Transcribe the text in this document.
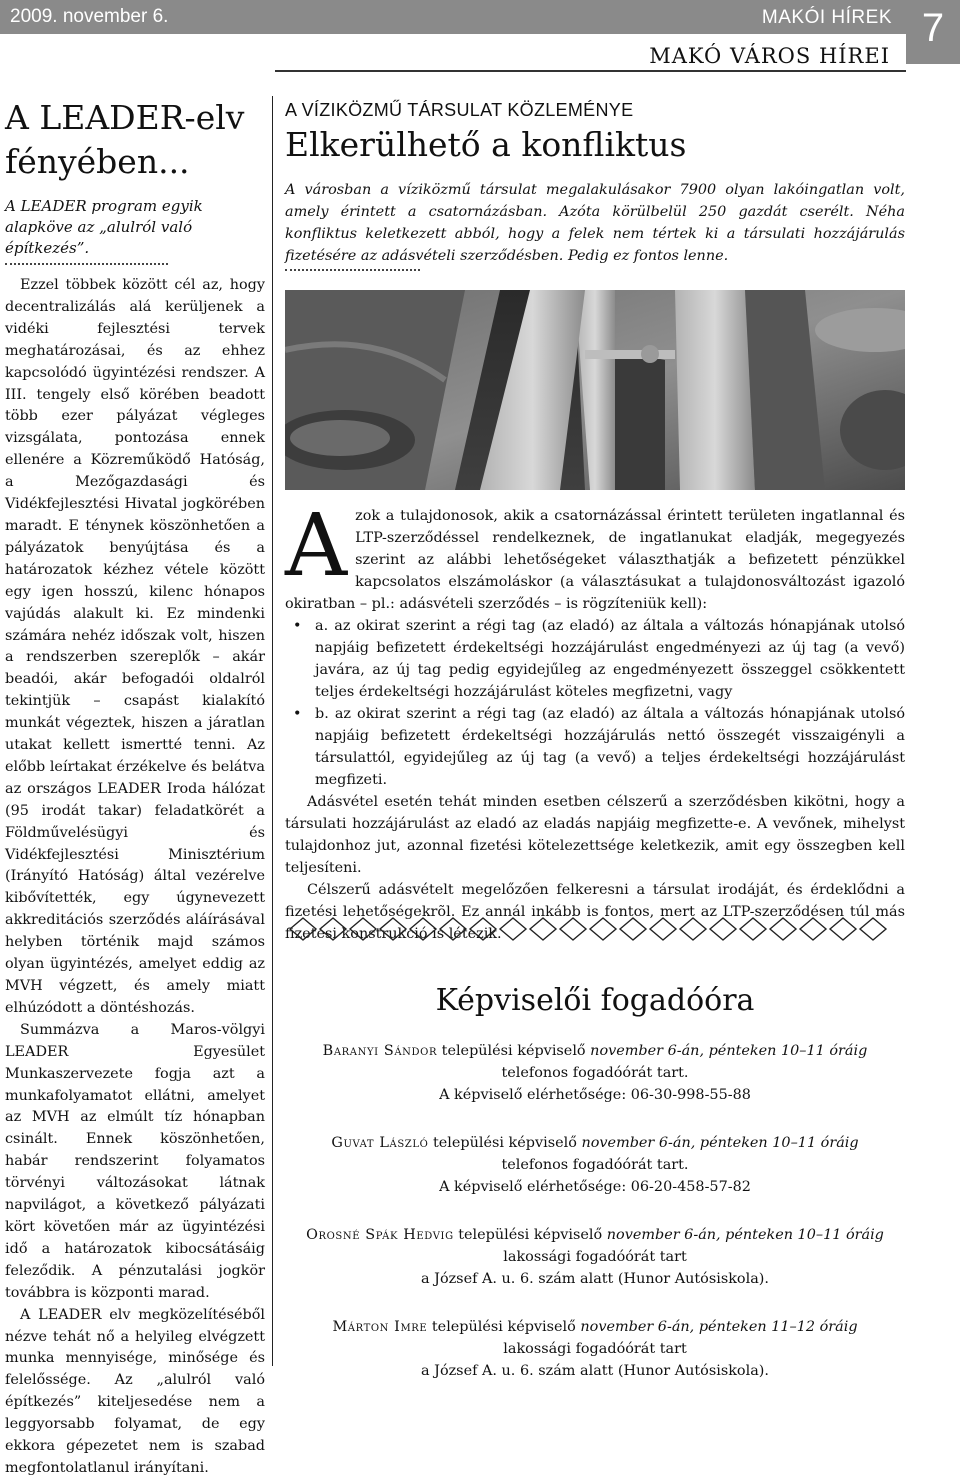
2009. november 6.	MAKÓI HÍREK 7
MAKÓ VÁROS HÍREI
A LEADER-elv
fényében...

A LEADER program egyik alapköve az „alulról való építkezés”.

Ezzel többek között cél az, hogy decentralizálás alá kerüljenek a vidéki fejlesztési tervek meghatározásai, és az ehhez kapcsolódó ügyintézési rendszer. A III. tengely első körében beadott több ezer pályázat végleges vizsgálata, pontozása ennek ellenére a Közreműködő Hatóság, a Mezőgazdasági és Vidékfejlesztési Hivatal jogkörében maradt. E ténynek köszönhetően a pályázatok benyújtása és a határozatok kézhez vétele között egy igen hosszú, kilenc hónapos vajúdás alakult ki. Ez mindenki számára nehéz időszak volt, hiszen a rendszerben szereplők – akár beadói, akár befogadói oldalról tekintjük – csapást kialakító munkát végeztek, hiszen a járatlan utakat kellett ismertté tenni. Az előbb leírtakat érzékelve és belátva az országos LEADER Iroda hálózat (95 irodát takar) feladatkörét a Földművelésügyi és Vidékfejlesztési Minisztérium (Irányító Hatóság) által vezérelve kibővítették, egy úgynevezett akkreditációs szerződés aláírásával helyben történik majd számos olyan ügyintézés, amelyet eddig az MVH végzett, és amely miatt elhúzódott a döntéshozás.

Summázva a Maros-völgyi LEADER Egyesület Munkaszervezete fogja azt a munkafolyamatot ellátni, amelyet az MVH az elmúlt tíz hónapban csinált. Ennek köszönhetően, habár rendszerint folyamatos törvényi változásokat látnak napvilágot, a következő pályázati kört követően már az ügyintézési idő a határozatok kibocsátásáig feleződik. A pénzutalási jogkör továbbra is központi marad.

A LEADER elv megközelítéséből nézve tehát nő a helyileg elvégzett munka mennyisége, minősége és felelőssége. Az „alulról való építkezés” kiteljesedése nem a leggyorsabb folyamat, de egy ekkora gépezetet nem is szabad megfontolatlanul irányítani.

A VÍZIKÖZMŰ TÁRSULAT KÖZLEMÉNYE

Elkerülhető a konfliktus

A városban a víziközmű társulat megalakulásakor 7900 olyan lakóingatlan volt, amely érintett a csatornázásban. Azóta körülbelül 250 gazdát cserélt. Néha konfliktus keletkezett abból, hogy a felek nem tértek ki a társulati hozzájárulás fizetésére az adásvételi szerződésben. Pedig ez fontos lenne.

A zok a tulajdonosok, akik a csatornázással érintett területen ingatlannal és LTP-szerződéssel rendelkeznek, de ingatlanukat eladják, megegyezés szerint az alábbi lehetőségeket választhatják a befizetett pénzükkel kapcsolatos elszámoláskor (a választásukat a tulajdonosváltozást igazoló okiratban – pl.: adásvételi szerződés – is rögzíteniük kell):

• a. az okirat szerint a régi tag (az eladó) az általa a változás hónapjának utolsó napjáig befizetett érdekeltségi hozzájárulást engedményezi az új tag (a vevő) javára, az új tag pedig egyidejűleg az engedményezett összeggel csökkentett teljes érdekeltségi hozzájárulást köteles megfizetni, vagy
• b. az okirat szerint a régi tag (az eladó) az általa a változás hónapjának utolsó napjáig befizetett érdekeltségi hozzájárulás nettó összegét visszaigényli a társulattól, egyidejűleg az új tag (a vevő) a teljes érdekeltségi hozzájárulást megfizeti.

Adásvétel esetén tehát minden esetben célszerű a szerződésben kikötni, hogy a társulati hozzájárulást az eladó az eladás napjáig megfizette-e. A vevőnek, mihelyst tulajdonhoz jut, azonnal fizetési kötelezettsége keletkezik, amit egy összegben kell teljesíteni.

Célszerű adásvételt megelőzően felkeresni a társulat irodáját, és érdeklődni a fizetési lehetőségekrõl. Ez annál inkább is fontos, mert az LTP-szerződésen túl más fizetési konstrukció is létezik.

Képviselői fogadóóra

Baranyi Sándor települési képviselő november 6-án, pénteken 10–11 óráig
telefonos fogadóórát tart.
A képviselő elérhetősége: 06-30-998-55-88

Guvat László települési képviselő november 6-án, pénteken 10–11 óráig
telefonos fogadóórát tart.
A képviselő elérhetősége: 06-20-458-57-82

Orosné Spák Hedvig települési képviselő november 6-án, pénteken 10–11 óráig
lakossági fogadóórát tart
a József A. u. 6. szám alatt (Hunor Autósiskola).

Márton Imre települési képviselő november 6-án, pénteken 11–12 óráig
lakossági fogadóórát tart
a József A. u. 6. szám alatt (Hunor Autósiskola).
